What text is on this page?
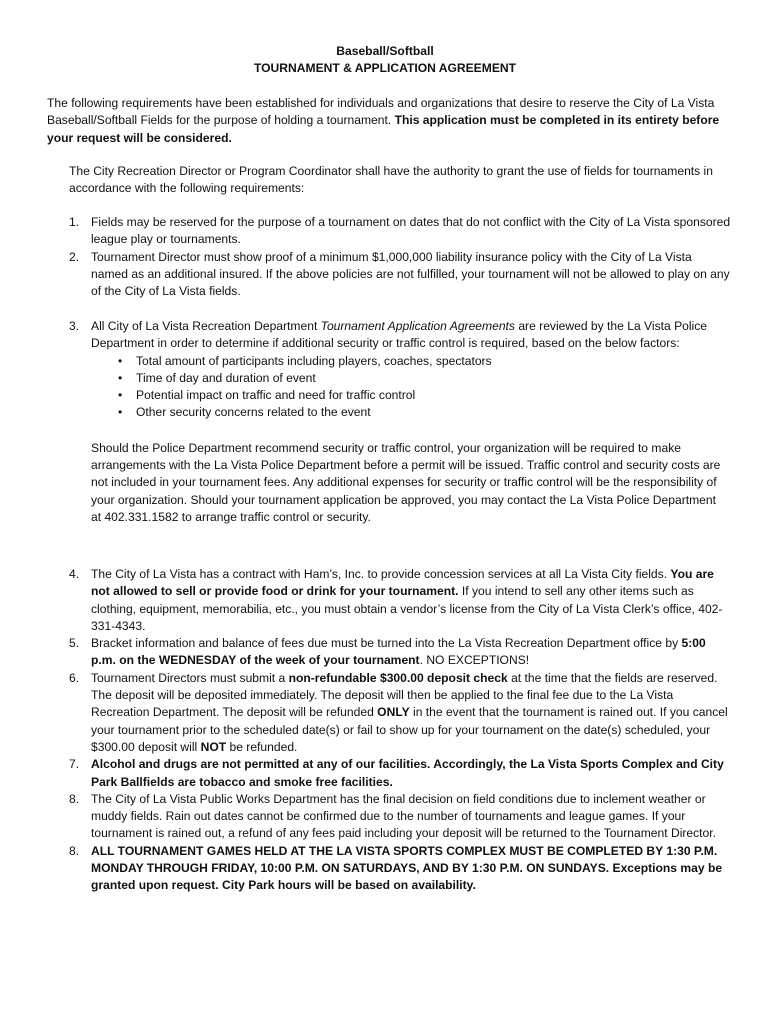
Baseball/Softball
TOURNAMENT & APPLICATION AGREEMENT

The following requirements have been established for individuals and organizations that desire to reserve the City of La Vista Baseball/Softball Fields for the purpose of holding a tournament. This application must be completed in its entirety before your request will be considered.

The City Recreation Director or Program Coordinator shall have the authority to grant the use of fields for tournaments in accordance with the following requirements:

1. Fields may be reserved for the purpose of a tournament on dates that do not conflict with the City of La Vista sponsored league play or tournaments.
2. Tournament Director must show proof of a minimum $1,000,000 liability insurance policy with the City of La Vista named as an additional insured. If the above policies are not fulfilled, your tournament will not be allowed to play on any of the City of La Vista fields.
3. All City of La Vista Recreation Department Tournament Application Agreements are reviewed by the La Vista Police Department in order to determine if additional security or traffic control is required, based on the below factors:
• Total amount of participants including players, coaches, spectators
• Time of day and duration of event
• Potential impact on traffic and need for traffic control
• Other security concerns related to the event
Should the Police Department recommend security or traffic control, your organization will be required to make arrangements with the La Vista Police Department before a permit will be issued. Traffic control and security costs are not included in your tournament fees. Any additional expenses for security or traffic control will be the responsibility of your organization. Should your tournament application be approved, you may contact the La Vista Police Department at 402.331.1582 to arrange traffic control or security.
4. The City of La Vista has a contract with Ham’s, Inc. to provide concession services at all La Vista City fields. You are not allowed to sell or provide food or drink for your tournament. If you intend to sell any other items such as clothing, equipment, memorabilia, etc., you must obtain a vendor’s license from the City of La Vista Clerk’s office, 402-331-4343.
5. Bracket information and balance of fees due must be turned into the La Vista Recreation Department office by 5:00 p.m. on the WEDNESDAY of the week of your tournament. NO EXCEPTIONS!
6. Tournament Directors must submit a non-refundable $300.00 deposit check at the time that the fields are reserved. The deposit will be deposited immediately. The deposit will then be applied to the final fee due to the La Vista Recreation Department. The deposit will be refunded ONLY in the event that the tournament is rained out. If you cancel your tournament prior to the scheduled date(s) or fail to show up for your tournament on the date(s) scheduled, your $300.00 deposit will NOT be refunded.
7. Alcohol and drugs are not permitted at any of our facilities. Accordingly, the La Vista Sports Complex and City Park Ballfields are tobacco and smoke free facilities.
8. The City of La Vista Public Works Department has the final decision on field conditions due to inclement weather or muddy fields. Rain out dates cannot be confirmed due to the number of tournaments and league games. If your tournament is rained out, a refund of any fees paid including your deposit will be returned to the Tournament Director.
8. ALL TOURNAMENT GAMES HELD AT THE LA VISTA SPORTS COMPLEX MUST BE COMPLETED BY 1:30 P.M. MONDAY THROUGH FRIDAY, 10:00 P.M. ON SATURDAYS, AND BY 1:30 P.M. ON SUNDAYS. Exceptions may be granted upon request. City Park hours will be based on availability.
